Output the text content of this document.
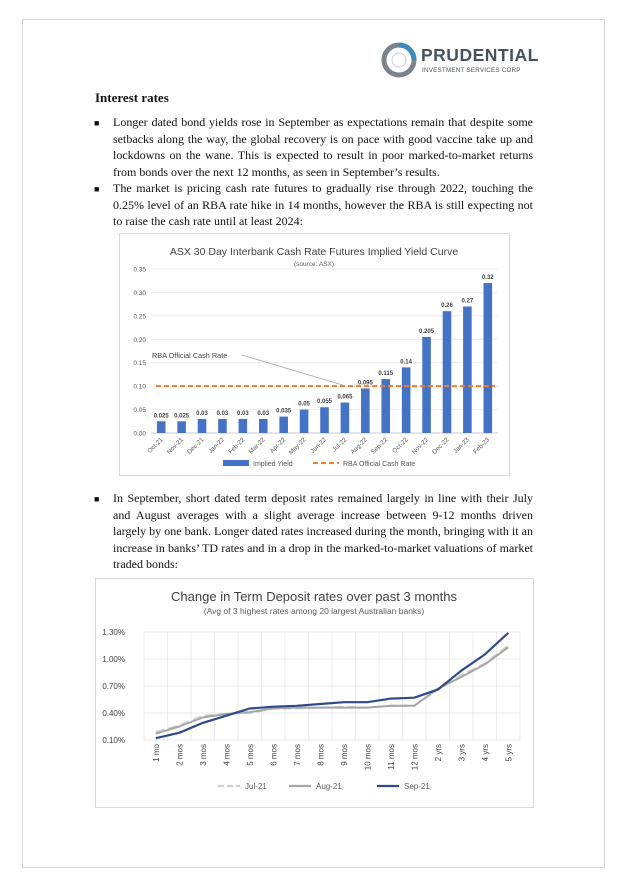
PRUDENTIAL
INVESTMENT SERVICES CORP
Interest rates
■ Longer dated bond yields rose in September as expectations remain that despite some setbacks along the way, the global recovery is on pace with good vaccine take up and lockdowns on the wane. This is expected to result in poor marked-to-market returns from bonds over the next 12 months, as seen in September’s results.
■ The market is pricing cash rate futures to gradually rise through 2022, touching the 0.25% level of an RBA rate hike in 14 months, however the RBA is still expecting not to raise the cash rate until at least 2024:
ASX 30 Day Interbank Cash Rate Futures Implied Yield Curve
(source: ASX)
0.00
0.05
0.10
0.15
0.20
0.25
0.30
0.35
0.025 0.025 0.03 0.03 0.03 0.03 0.035
0.05 0.055
0.065
0.095
0.115
0.14
0.205
0.26
0.27
0.32
Oct-21 Nov-21 Dec-21 Jan-22 Feb-22 Mar-22 Apr-22 May-22 Jun-22 Jul-22 Aug-22 Sep-22 Oct-22 Nov-22 Dec-22 Jan-23 Feb-23
RBA Official Cash Rate
Implied Yield	RBA Official Cash Rate
■ In September, short dated term deposit rates remained largely in line with their July and August averages with a slight average increase between 9-12 months driven largely by one bank. Longer dated rates increased during the month, bringing with it an increase in banks’ TD rates and in a drop in the marked-to-market valuations of market traded bonds:
Change in Term Deposit rates over past 3 months
(Avg of 3 highest rates among 20 largest Australian banks)
0.10%
0.40%
0.70%
1.00%
1.30%
1 mo 2 mos 3 mos 4 mos 5 mos 6 mos 7 mos 8 mos 9 mos 10 mos 11 mos 12 mos 2 yrs 3 yrs 4 yrs 5 yrs
Jul-21	Aug-21	Sep-21
